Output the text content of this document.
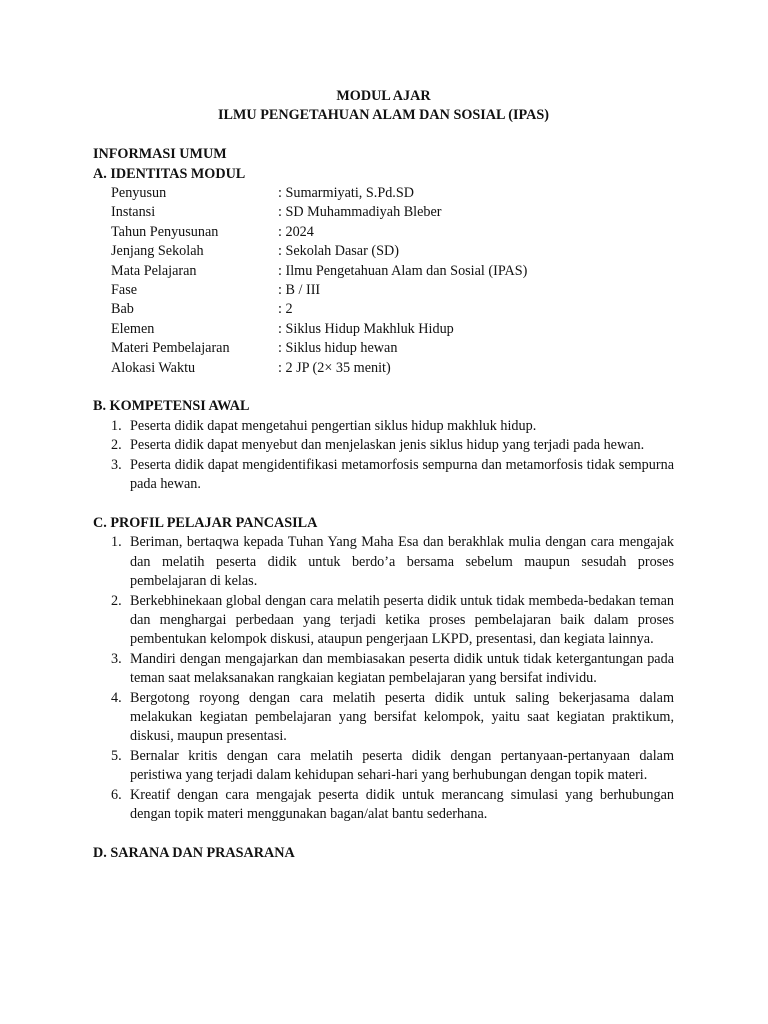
MODUL AJAR
ILMU PENGETAHUAN ALAM DAN SOSIAL (IPAS)
INFORMASI UMUM
A. IDENTITAS MODUL
Penyusun	: Sumarmiyati, S.Pd.SD
Instansi	: SD Muhammadiyah Bleber
Tahun Penyusunan	: 2024
Jenjang Sekolah	: Sekolah Dasar (SD)
Mata Pelajaran	: Ilmu Pengetahuan Alam dan Sosial (IPAS)
Fase	: B / III
Bab	: 2
Elemen	: Siklus Hidup Makhluk Hidup
Materi Pembelajaran	: Siklus hidup hewan
Alokasi Waktu	: 2 JP (2× 35 menit)
B. KOMPETENSI AWAL
1. Peserta didik dapat mengetahui pengertian siklus hidup makhluk hidup.
2. Peserta didik dapat menyebut dan menjelaskan jenis siklus hidup yang terjadi pada hewan.
3. Peserta didik dapat mengidentifikasi metamorfosis sempurna dan metamorfosis tidak sempurna pada hewan.
C. PROFIL PELAJAR PANCASILA
1. Beriman, bertaqwa kepada Tuhan Yang Maha Esa dan berakhlak mulia dengan cara mengajak dan melatih peserta didik untuk berdo’a bersama sebelum maupun sesudah proses pembelajaran di kelas.
2. Berkebhinekaan global dengan cara melatih peserta didik untuk tidak membeda-bedakan teman dan menghargai perbedaan yang terjadi ketika proses pembelajaran baik dalam proses pembentukan kelompok diskusi, ataupun pengerjaan LKPD, presentasi, dan kegiata lainnya.
3. Mandiri dengan mengajarkan dan membiasakan peserta didik untuk tidak ketergantungan pada teman saat melaksanakan rangkaian kegiatan pembelajaran yang bersifat individu.
4. Bergotong royong dengan cara melatih peserta didik untuk saling bekerjasama dalam melakukan kegiatan pembelajaran yang bersifat kelompok, yaitu saat kegiatan praktikum, diskusi, maupun presentasi.
5. Bernalar kritis dengan cara melatih peserta didik dengan pertanyaan-pertanyaan dalam peristiwa yang terjadi dalam kehidupan sehari-hari yang berhubungan dengan topik materi.
6. Kreatif dengan cara mengajak peserta didik untuk merancang simulasi yang berhubungan dengan topik materi menggunakan bagan/alat bantu sederhana.
D. SARANA DAN PRASARANA
